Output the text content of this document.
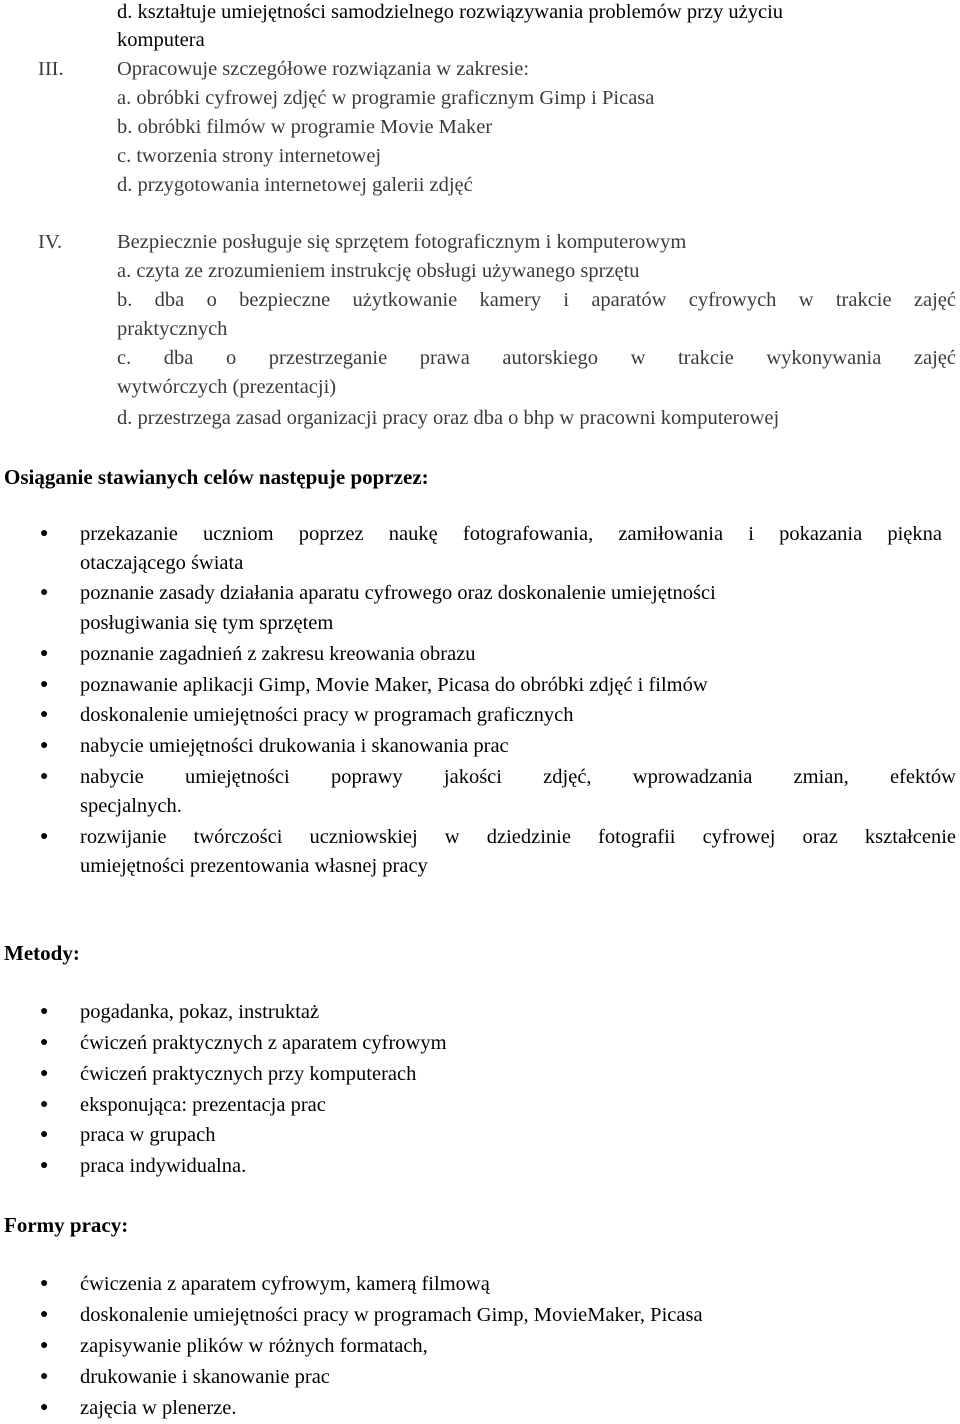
d. kształtuje umiejętności samodzielnego rozwiązywania problemów przy użyciu
komputera
III.	Opracowuje szczegółowe rozwiązania w zakresie:
a. obróbki cyfrowej zdjęć w programie graficznym Gimp i Picasa
b. obróbki filmów w programie Movie Maker
c. tworzenia strony internetowej
d. przygotowania internetowej galerii zdjęć
IV.	Bezpiecznie posługuje się sprzętem fotograficznym i komputerowym
a. czyta ze zrozumieniem instrukcję obsługi używanego sprzętu
b. dba o bezpieczne użytkowanie kamery i aparatów cyfrowych w trakcie zajęć
praktycznych
c. dba o przestrzeganie prawa autorskiego w trakcie wykonywania zajęć
wytwórczych (prezentacji)
d. przestrzega zasad organizacji pracy oraz dba o bhp w pracowni komputerowej
Osiąganie stawianych celów następuje poprzez:
● przekazanie uczniom poprzez naukę fotografowania, zamiłowania i pokazania piękna
otaczającego świata
● poznanie zasady działania aparatu cyfrowego oraz doskonalenie umiejętności
posługiwania się tym sprzętem
● poznanie zagadnień z zakresu kreowania obrazu
● poznawanie aplikacji Gimp, Movie Maker, Picasa do obróbki zdjęć i filmów
● doskonalenie umiejętności pracy w programach graficznych
● nabycie umiejętności drukowania i skanowania prac
● nabycie umiejętności poprawy jakości zdjęć, wprowadzania zmian, efektów
specjalnych.
● rozwijanie twórczości uczniowskiej w dziedzinie fotografii cyfrowej oraz kształcenie
umiejętności prezentowania własnej pracy
Metody:
● pogadanka, pokaz, instruktaż
● ćwiczeń praktycznych z aparatem cyfrowym
● ćwiczeń praktycznych przy komputerach
● eksponująca: prezentacja prac
● praca w grupach
● praca indywidualna.
Formy pracy:
● ćwiczenia z aparatem cyfrowym, kamerą filmową
● doskonalenie umiejętności pracy w programach Gimp, MovieMaker, Picasa
● zapisywanie plików w różnych formatach,
● drukowanie i skanowanie prac
● zajęcia w plenerze.
